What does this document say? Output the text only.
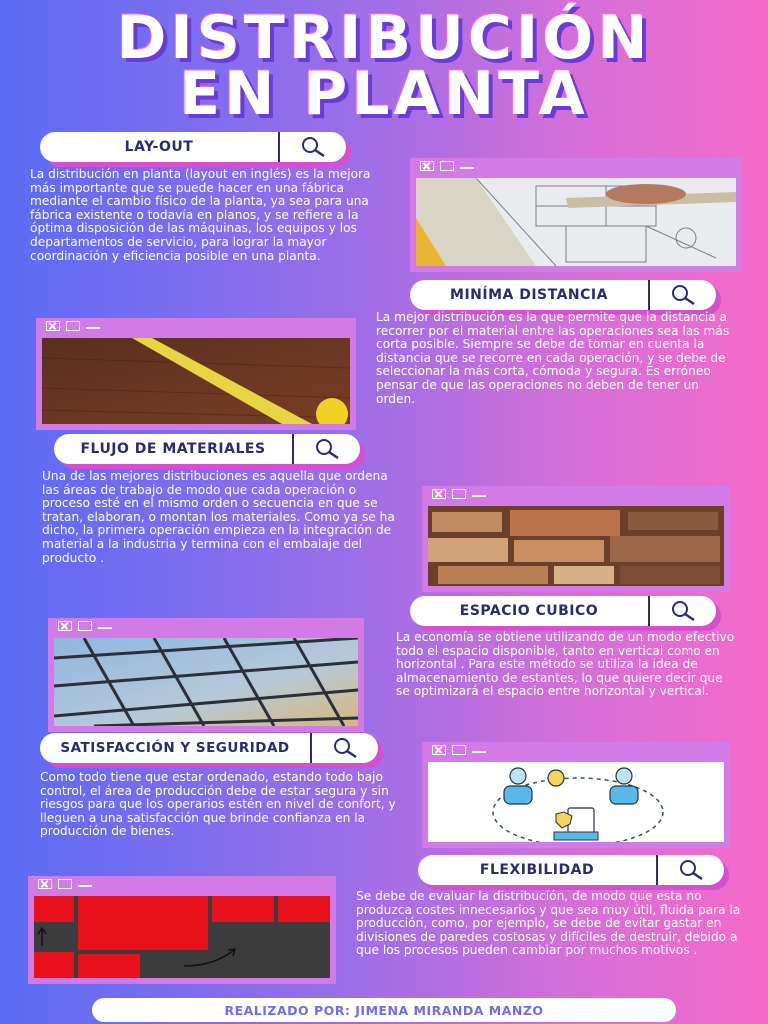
DISTRIBUCIÓN
EN PLANTA
LAY-OUT
La distribución en planta (layout en inglés) es la mejora más importante que se puede hacer en una fábrica mediante el cambio físico de la planta, ya sea para una fábrica existente o todavía en planos, y se refiere a la óptima disposición de las máquinas, los equipos y los departamentos de servicio, para lograr la mayor coordinación y eficiencia posible en una planta.
MINÍMA DISTANCIA
La mejor distribución es la que permite que la distancia a recorrer por el material entre las operaciones sea las más corta posible. Siempre se debe de tomar en cuenta la distancia que se recorre en cada operación, y se debe de seleccionar la más corta, cómoda y segura. Es erróneo pensar de que las operaciones no deben de tener un orden.
FLUJO DE MATERIALES
Una de las mejores distribuciones es aquella que ordena las áreas de trabajo de modo que cada operación o proceso esté en el mismo orden o secuencia en que se tratan, elaboran, o montan los materiales. Como ya se ha dicho, la primera operación empieza en la integración de material a la industria y termina con el embalaje del producto .
ESPACIO CUBICO
La economía se obtiene utilizando de un modo efectivo todo el espacio disponible, tanto en vertical como en horizontal . Para este método se utiliza la idea de almacenamiento de estantes, lo que quiere decir que se optimizará el espacio entre horizontal y vertical.
SATISFACCIÓN Y SEGURIDAD
Como todo tiene que estar ordenado, estando todo bajo control, el área de producción debe de estar segura y sin riesgos para que los operarios estén en nivel de confort, y lleguen a una satisfacción que brinde confianza en la producción de bienes.
FLEXIBILIDAD
Se debe de evaluar la distribución, de modo que esta no produzca costes innecesarios y que sea muy útil, fluida para la producción, como, por ejemplo, se debe de evitar gastar en divisiones de paredes costosas y difíciles de destruir, debido a que los procesos pueden cambiar por muchos motivos .
REALIZADO POR: JIMENA MIRANDA MANZO
